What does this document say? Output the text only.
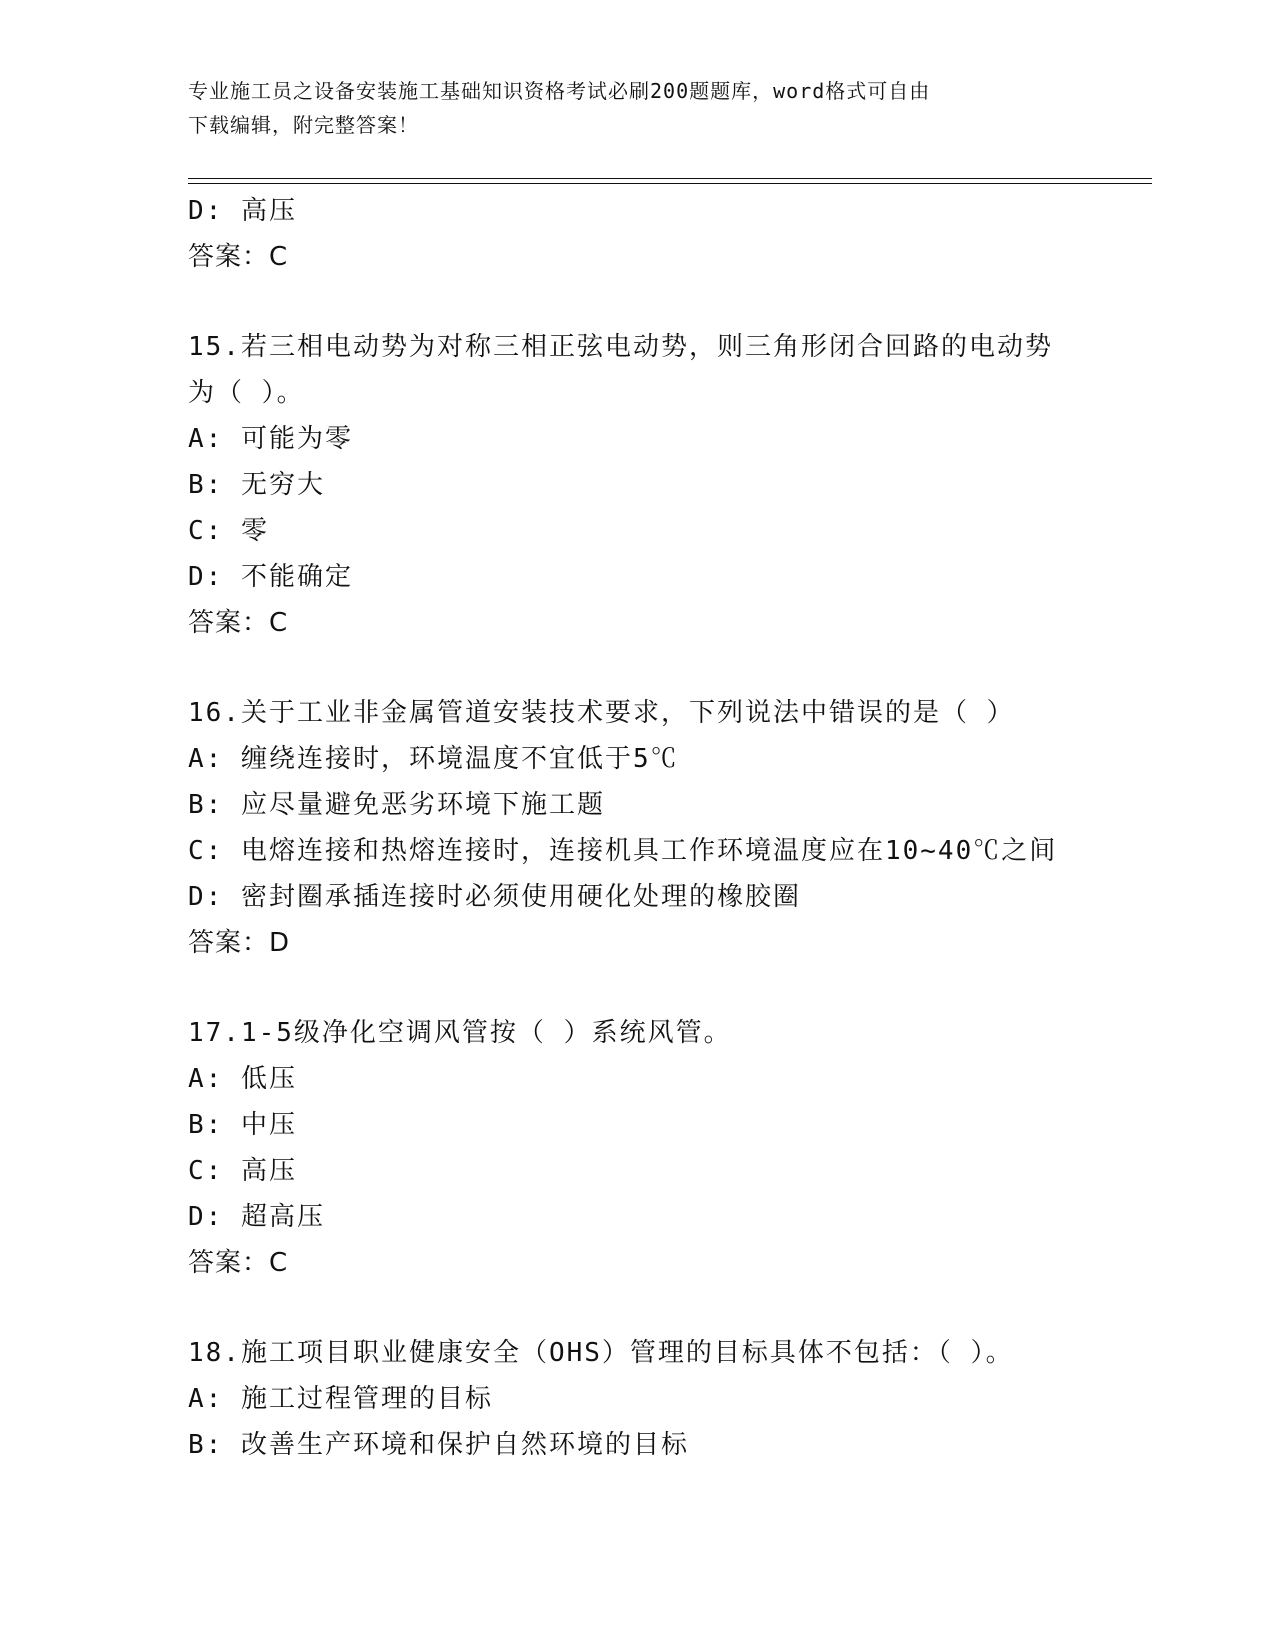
专业施工员之设备安装施工基础知识资格考试必刷200题题库，word格式可自由
下载编辑，附完整答案！
D: 高压
答案：C
15.若三相电动势为对称三相正弦电动势，则三角形闭合回路的电动势
为（ ）。
A: 可能为零
B: 无穷大
C: 零
D: 不能确定
答案：C
16.关于工业非金属管道安装技术要求，下列说法中错误的是（ ）
A: 缠绕连接时，环境温度不宜低于5℃
B: 应尽量避免恶劣环境下施工题
C: 电熔连接和热熔连接时，连接机具工作环境温度应在10~40℃之间
D: 密封圈承插连接时必须使用硬化处理的橡胶圈
答案：D
17.1-5级净化空调风管按（ ）系统风管。
A: 低压
B: 中压
C: 高压
D: 超高压
答案：C
18.施工项目职业健康安全（OHS）管理的目标具体不包括：（ ）。
A: 施工过程管理的目标
B: 改善生产环境和保护自然环境的目标
